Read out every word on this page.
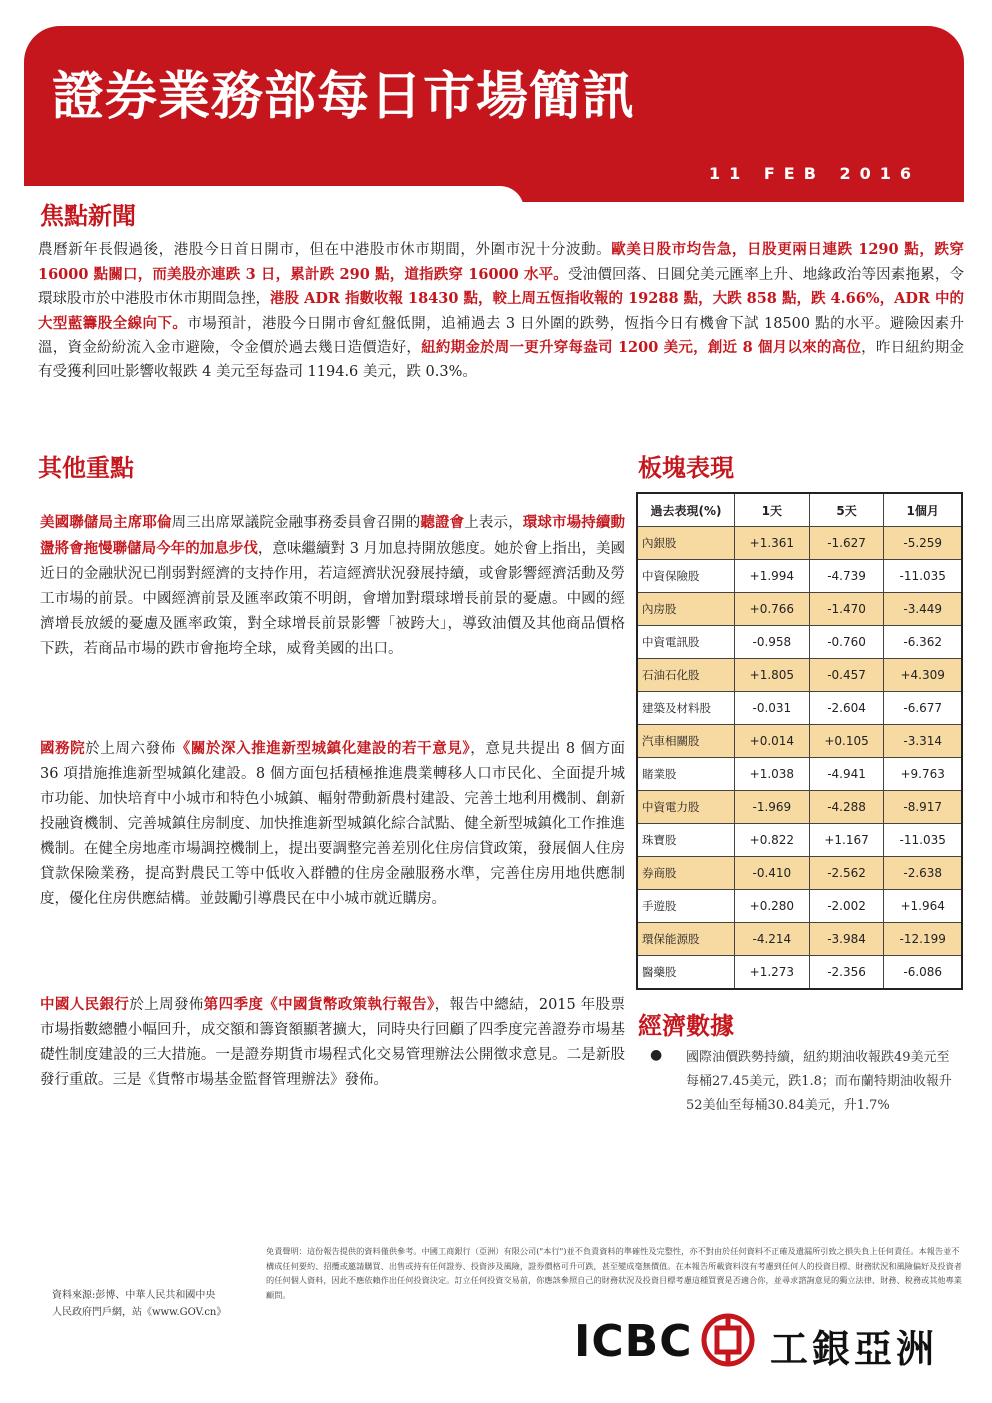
證券業務部每日市場簡訊
11 FEB 2016
焦點新聞

農曆新年長假過後，港股今日首日開市，但在中港股市休市期間，外圍市況十分波動。歐美日股市均告急，日股更兩日連跌 1290 點，跌穿 16000 點關口，而美股亦連跌 3 日，累計跌 290 點，道指跌穿 16000 水平。受油價回落、日圓兌美元匯率上升、地緣政治等因素拖累，令環球股市於中港股市休市期間急挫，港股 ADR 指數收報 18430 點，較上周五恆指收報的 19288 點，大跌 858 點，跌 4.66%，ADR 中的大型藍籌股全線向下。市場預計，港股今日開市會紅盤低開，追補過去 3 日外圍的跌勢，恆指今日有機會下試 18500 點的水平。避險因素升溫，資金紛紛流入金市避險，令金價於過去幾日造價造好，紐約期金於周一更升穿每盎司 1200 美元，創近 8 個月以來的高位，昨日紐約期金有受獲利回吐影響收報跌 4 美元至每盎司 1194.6 美元，跌 0.3%。

其他重點

美國聯儲局主席耶倫周三出席眾議院金融事務委員會召開的聽證會上表示，環球市場持續動盪將會拖慢聯儲局今年的加息步伐，意味繼續對 3 月加息持開放態度。她於會上指出，美國近日的金融狀況已削弱對經濟的支持作用，若這經濟狀況發展持續，或會影響經濟活動及勞工市場的前景。中國經濟前景及匯率政策不明朗，會增加對環球增長前景的憂慮。中國的經濟增長放緩的憂慮及匯率政策，對全球增長前景影響「被跨大」，導致油價及其他商品價格下跌，若商品市場的跌市會拖垮全球，威脅美國的出口。

國務院於上周六發佈《關於深入推進新型城鎮化建設的若干意見》，意見共提出 8 個方面 36 項措施推進新型城鎮化建設。8 個方面包括積極推進農業轉移人口市民化、全面提升城市功能、加快培育中小城市和特色小城鎮、輻射帶動新農村建設、完善土地利用機制、創新投融資機制、完善城鎮住房制度、加快推進新型城鎮化綜合試點、健全新型城鎮化工作推進機制。在健全房地產市場調控機制上，提出要調整完善差別化住房信貸政策，發展個人住房貸款保險業務，提高對農民工等中低收入群體的住房金融服務水準，完善住房用地供應制度，優化住房供應結構。並鼓勵引導農民在中小城市就近購房。

中國人民銀行於上周發佈第四季度《中國貨幣政策執行報告》，報告中總結，2015 年股票市場指數總體小幅回升，成交額和籌資額顯著擴大，同時央行回顧了四季度完善證券市場基礎性制度建設的三大措施。一是證券期貨市場程式化交易管理辦法公開徵求意見。二是新股發行重啟。三是《貨幣市場基金監督管理辦法》發佈。

板塊表現
過去表現(%)	1天	5天	1個月
內銀股	+1.361	-1.627	-5.259
中資保險股	+1.994	-4.739	-11.035
內房股	+0.766	-1.470	-3.449
中資電訊股	-0.958	-0.760	-6.362
石油石化股	+1.805	-0.457	+4.309
建築及材料股	-0.031	-2.604	-6.677
汽車相關股	+0.014	+0.105	-3.314
賭業股	+1.038	-4.941	+9.763
中資電力股	-1.969	-4.288	-8.917
珠寶股	+0.822	+1.167	-11.035
券商股	-0.410	-2.562	-2.638
手遊股	+0.280	-2.002	+1.964
環保能源股	-4.214	-3.984	-12.199
醫藥股	+1.273	-2.356	-6.086
經濟數據
● 國際油價跌勢持續，紐約期油收報跌49美元至每桶27.45美元，跌1.8；而布蘭特期油收報升52美仙至每桶30.84美元，升1.7%

免責聲明：這份報告提供的資料僅供參考。中國工商銀行（亞洲）有限公司("本行")並不負責資料的準確性及完整性，亦不對由於任何資料不正確及遺漏所引致之損失負上任何責任。本報告並不構成任何要約、招攬或邀請購買、出售或持有任何證券、投資涉及風險，證券價格可升可跌，甚至變成毫無價值。在本報告所載資料沒有考慮到任何人的投資目標、財務狀況和風險偏好及投資者的任何個人資料，因此不應依賴作出任何投資決定。訂立任何投資交易前，你應該參照自己的財務狀況及投資目標考慮這種買賣是否適合你，並尋求諮詢意見的獨立法律、財務、稅務或其他專業顧問。

資料來源:彭博、中華人民共和國中央
人民政府門戶網，站《www.GOV.cn》

ICBC 工銀亞洲
